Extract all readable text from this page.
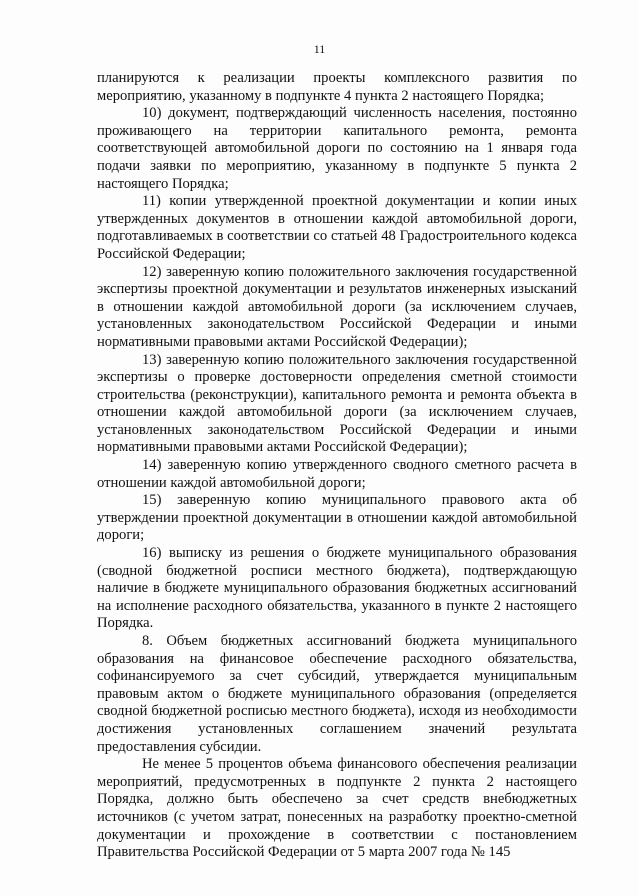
11

планируются к реализации проекты комплексного развития по мероприятию, указанному в подпункте 4 пункта 2 настоящего Порядка;

10) документ, подтверждающий численность населения, постоянно проживающего на территории капитального ремонта, ремонта соответствующей автомобильной дороги по состоянию на 1 января года подачи заявки по мероприятию, указанному в подпункте 5 пункта 2 настоящего Порядка;

11) копии утвержденной проектной документации и копии иных утвержденных документов в отношении каждой автомобильной дороги, подготавливаемых в соответствии со статьей 48 Градостроительного кодекса Российской Федерации;

12) заверенную копию положительного заключения государственной экспертизы проектной документации и результатов инженерных изысканий в отношении каждой автомобильной дороги (за исключением случаев, установленных законодательством Российской Федерации и иными нормативными правовыми актами Российской Федерации);

13) заверенную копию положительного заключения государственной экспертизы о проверке достоверности определения сметной стоимости строительства (реконструкции), капитального ремонта и ремонта объекта в отношении каждой автомобильной дороги (за исключением случаев, установленных законодательством Российской Федерации и иными нормативными правовыми актами Российской Федерации);

14) заверенную копию утвержденного сводного сметного расчета в отношении каждой автомобильной дороги;

15) заверенную копию муниципального правового акта об утверждении проектной документации в отношении каждой автомобильной дороги;

16) выписку из решения о бюджете муниципального образования (сводной бюджетной росписи местного бюджета), подтверждающую наличие в бюджете муниципального образования бюджетных ассигнований на исполнение расходного обязательства, указанного в пункте 2 настоящего Порядка.

8. Объем бюджетных ассигнований бюджета муниципального образования на финансовое обеспечение расходного обязательства, софинансируемого за счет субсидий, утверждается муниципальным правовым актом о бюджете муниципального образования (определяется сводной бюджетной росписью местного бюджета), исходя из необходимости достижения установленных соглашением значений результата предоставления субсидии.

Не менее 5 процентов объема финансового обеспечения реализации мероприятий, предусмотренных в подпункте 2 пункта 2 настоящего Порядка, должно быть обеспечено за счет средств внебюджетных источников (с учетом затрат, понесенных на разработку проектно-сметной документации и прохождение в соответствии с постановлением Правительства Российской Федерации от 5 марта 2007 года № 145
